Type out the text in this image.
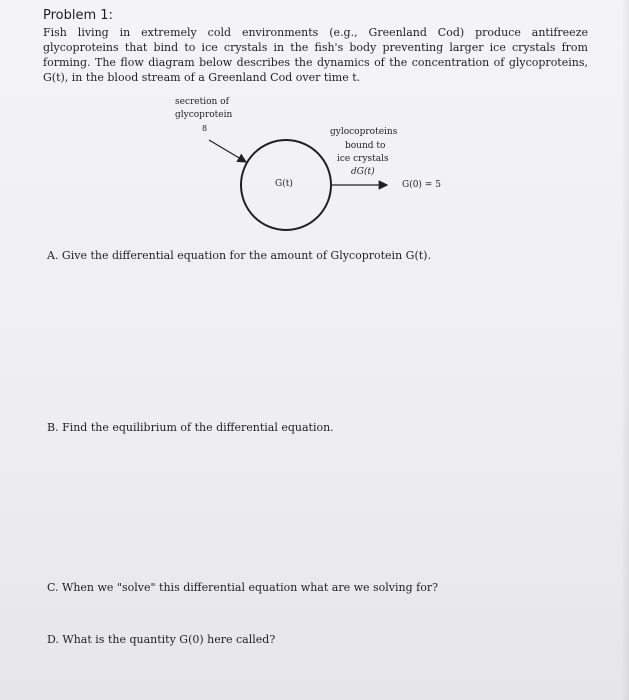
Problem 1:
Fish living in extremely cold environments (e.g., Greenland Cod) produce antifreeze glycoproteins that bind to ice crystals in the fish's body preventing larger ice crystals from forming. The flow diagram below describes the dynamics of the concentration of glycoproteins, G(t), in the blood stream of a Greenland Cod over time t.
secretion of
glycoprotein
8
G(t)
gylocoproteins
bound to
ice crystals
dG(t)
G(0) = 5
A. Give the differential equation for the amount of Glycoprotein G(t).
B. Find the equilibrium of the differential equation.
C. When we "solve" this differential equation what are we solving for?
D. What is the quantity G(0) here called?
